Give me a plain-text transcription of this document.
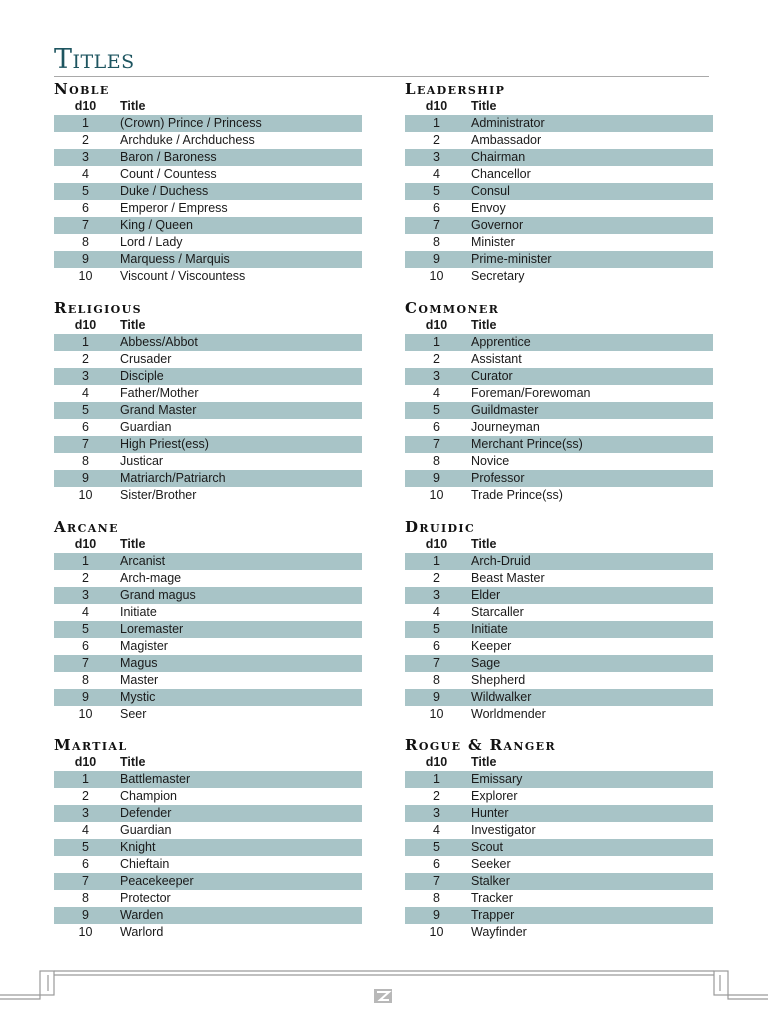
Titles
Noble
d10	Title
1	(Crown) Prince / Princess
2	Archduke / Archduchess
3	Baron / Baroness
4	Count / Countess
5	Duke / Duchess
6	Emperor / Empress
7	King / Queen
8	Lord / Lady
9	Marquess / Marquis
10	Viscount / Viscountess
Leadership
d10	Title
1	Administrator
2	Ambassador
3	Chairman
4	Chancellor
5	Consul
6	Envoy
7	Governor
8	Minister
9	Prime-minister
10	Secretary
Religious
d10	Title
1	Abbess/Abbot
2	Crusader
3	Disciple
4	Father/Mother
5	Grand Master
6	Guardian
7	High Priest(ess)
8	Justicar
9	Matriarch/Patriarch
10	Sister/Brother
Commoner
d10	Title
1	Apprentice
2	Assistant
3	Curator
4	Foreman/Forewoman
5	Guildmaster
6	Journeyman
7	Merchant Prince(ss)
8	Novice
9	Professor
10	Trade Prince(ss)
Arcane
d10	Title
1	Arcanist
2	Arch-mage
3	Grand magus
4	Initiate
5	Loremaster
6	Magister
7	Magus
8	Master
9	Mystic
10	Seer
Druidic
d10	Title
1	Arch-Druid
2	Beast Master
3	Elder
4	Starcaller
5	Initiate
6	Keeper
7	Sage
8	Shepherd
9	Wildwalker
10	Worldmender
Martial
d10	Title
1	Battlemaster
2	Champion
3	Defender
4	Guardian
5	Knight
6	Chieftain
7	Peacekeeper
8	Protector
9	Warden
10	Warlord
Rogue & Ranger
d10	Title
1	Emissary
2	Explorer
3	Hunter
4	Investigator
5	Scout
6	Seeker
7	Stalker
8	Tracker
9	Trapper
10	Wayfinder
